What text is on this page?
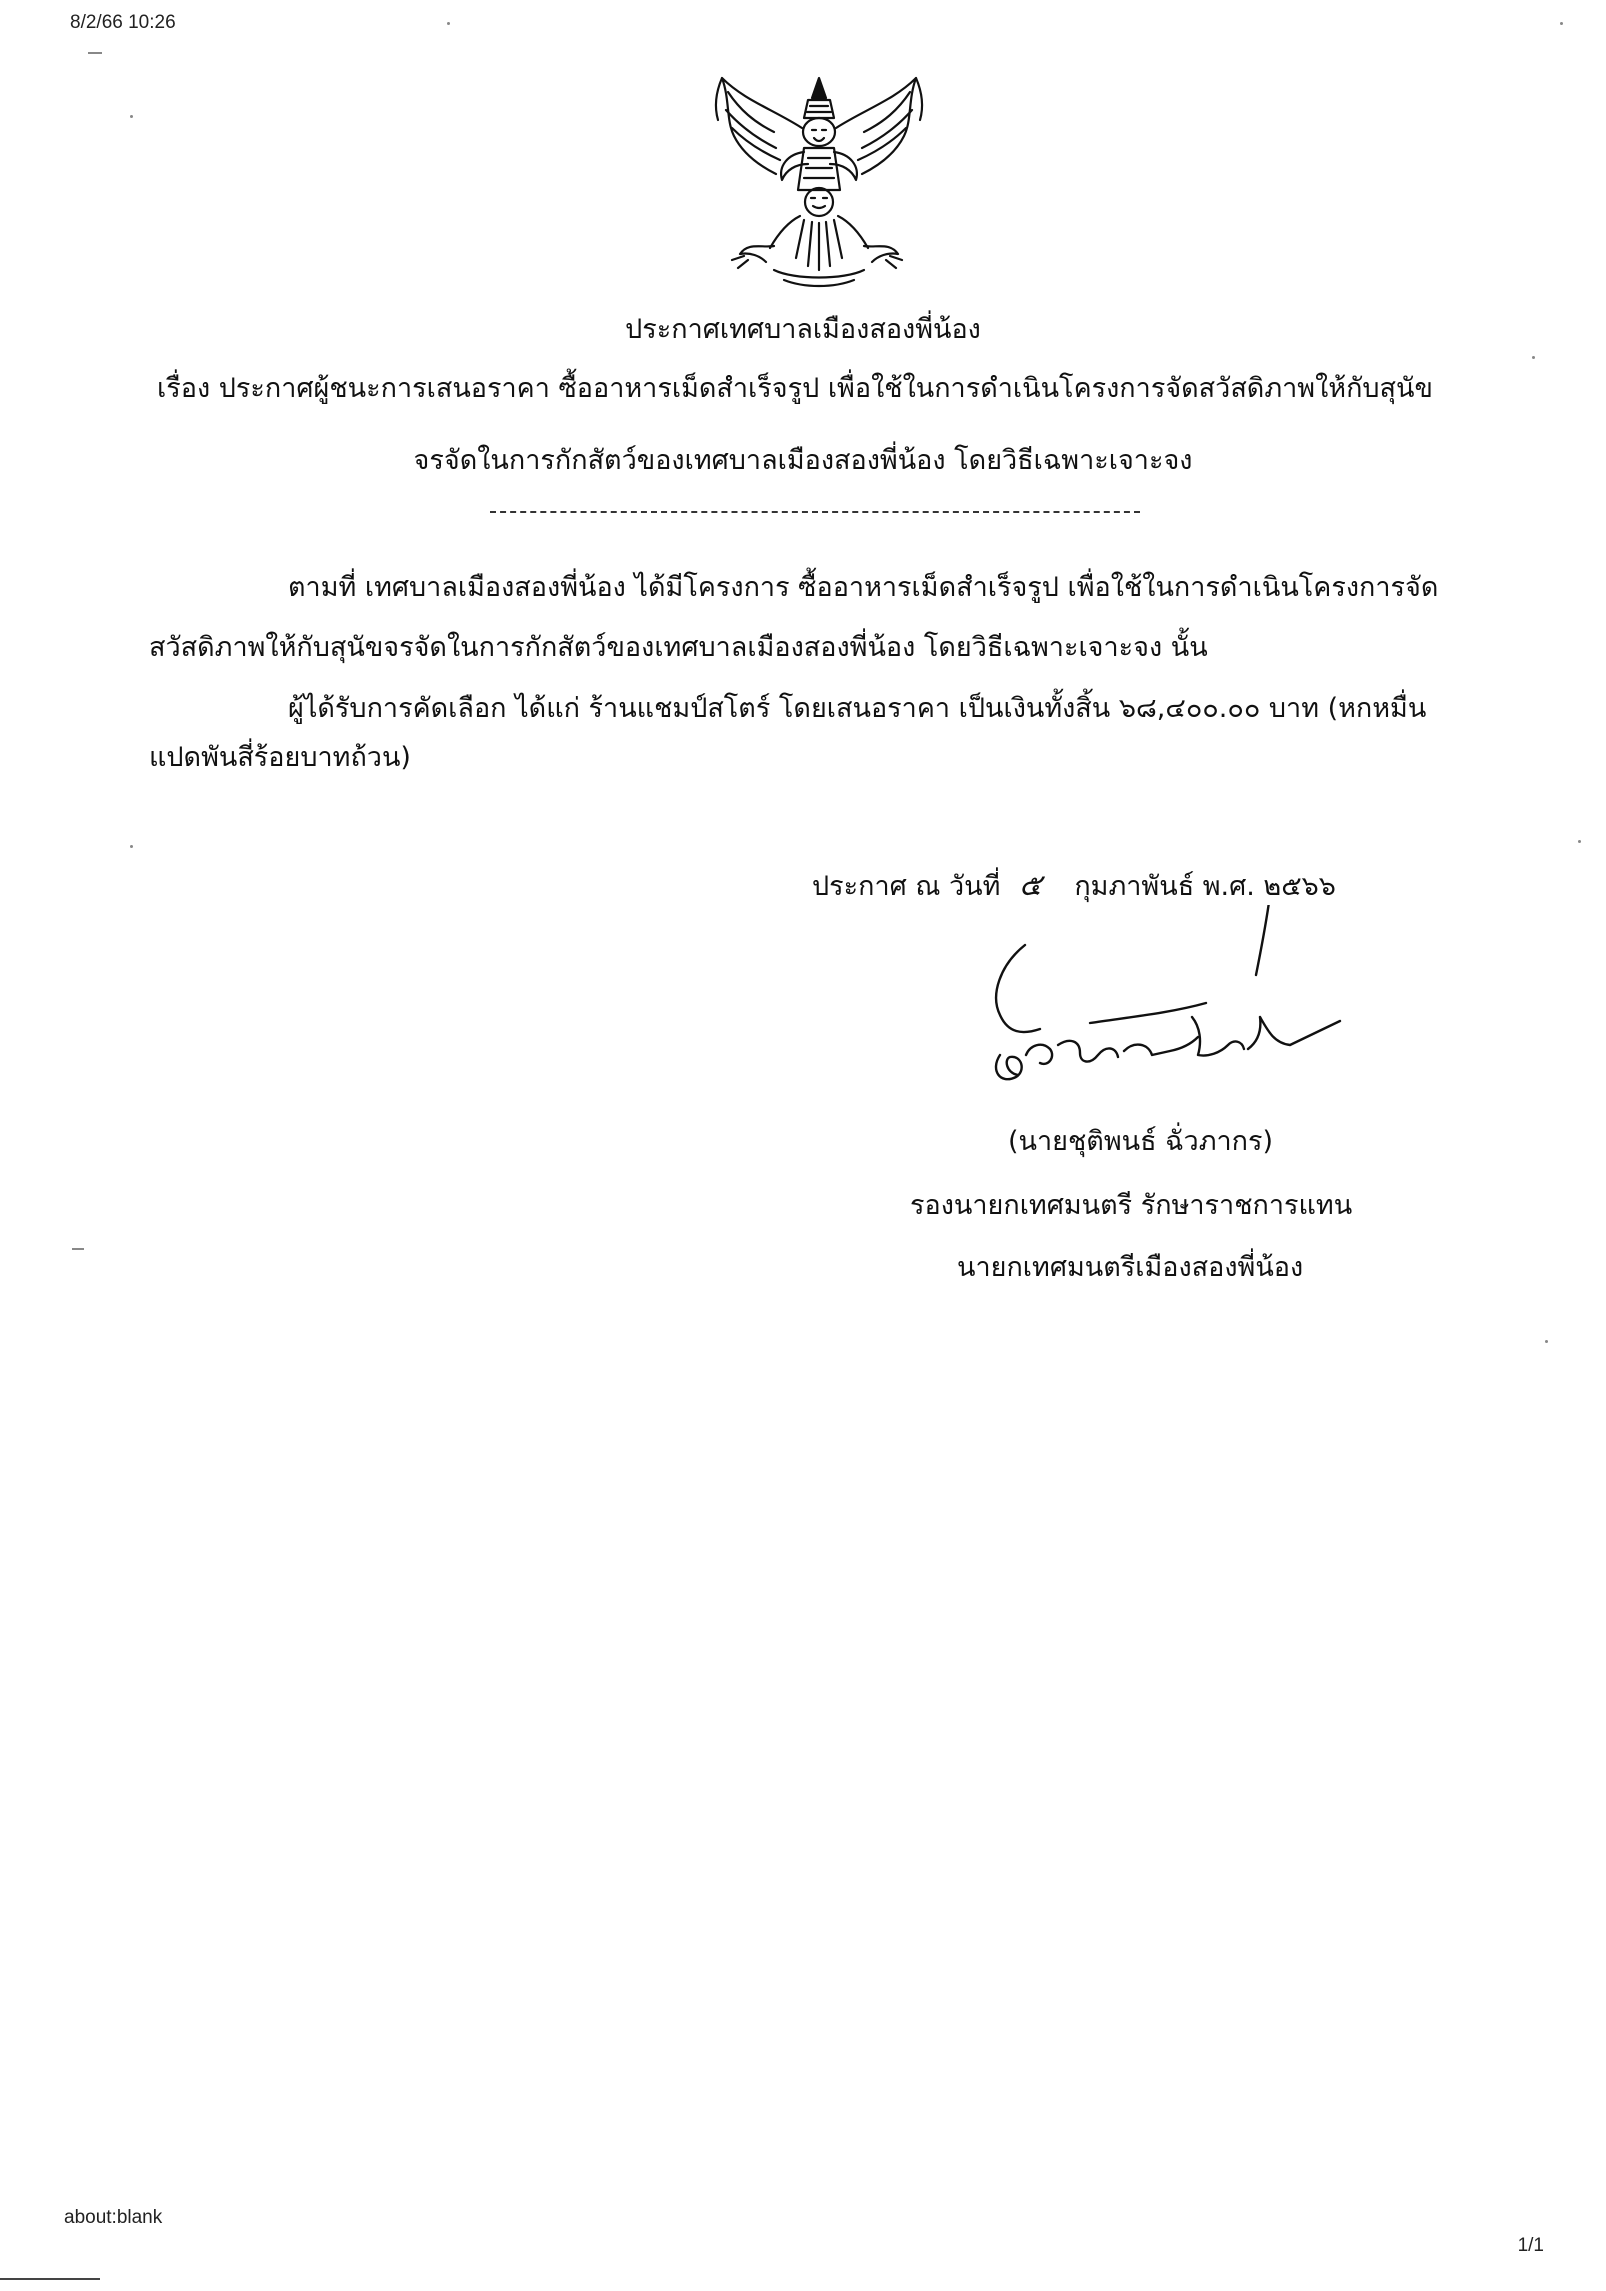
8/2/66 10:26
ประกาศเทศบาลเมืองสองพี่น้อง
เรื่อง ประกาศผู้ชนะการเสนอราคา ซื้ออาหารเม็ดสำเร็จรูป เพื่อใช้ในการดำเนินโครงการจัดสวัสดิภาพให้กับสุนัข
จรจัดในการกักสัตว์ของเทศบาลเมืองสองพี่น้อง โดยวิธีเฉพาะเจาะจง
ตามที่ เทศบาลเมืองสองพี่น้อง ได้มีโครงการ ซื้ออาหารเม็ดสำเร็จรูป เพื่อใช้ในการดำเนินโครงการจัด
สวัสดิภาพให้กับสุนัขจรจัดในการกักสัตว์ของเทศบาลเมืองสองพี่น้อง โดยวิธีเฉพาะเจาะจง นั้น
ผู้ได้รับการคัดเลือก ได้แก่ ร้านแชมป์สโตร์ โดยเสนอราคา เป็นเงินทั้งสิ้น ๖๘,๔๐๐.๐๐ บาท (หกหมื่น
แปดพันสี่ร้อยบาทถ้วน)
ประกาศ ณ วันที่ ๕ กุมภาพันธ์ พ.ศ. ๒๕๖๖
(นายชุติพนธ์ ฉั่วภากร)
รองนายกเทศมนตรี รักษาราชการแทน
นายกเทศมนตรีเมืองสองพี่น้อง
about:blank
1/1
